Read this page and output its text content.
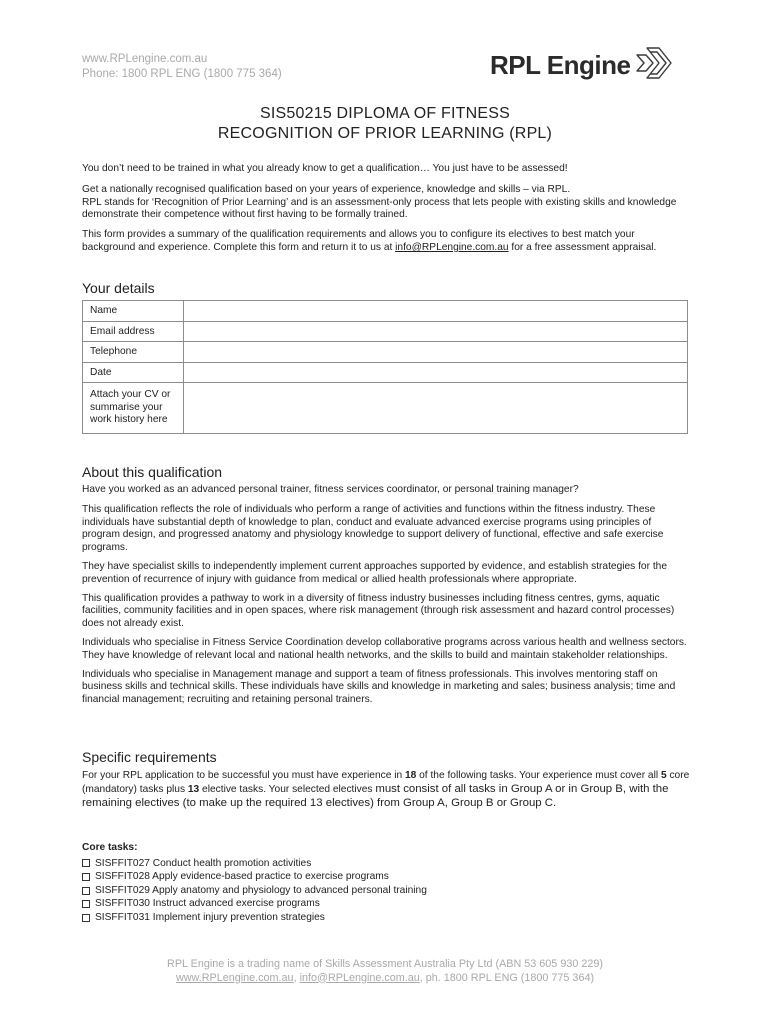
www.RPLengine.com.au
Phone: 1800 RPL ENG (1800 775 364)	RPL Engine
SIS50215 DIPLOMA OF FITNESS
RECOGNITION OF PRIOR LEARNING (RPL)

You don’t need to be trained in what you already know to get a qualification… You just have to be assessed!

Get a nationally recognised qualification based on your years of experience, knowledge and skills – via RPL.
RPL stands for ‘Recognition of Prior Learning’ and is an assessment-only process that lets people with existing skills and knowledge demonstrate their competence without first having to be formally trained.

This form provides a summary of the qualification requirements and allows you to configure its electives to best match your background and experience. Complete this form and return it to us at info@RPLengine.com.au for a free assessment appraisal.

Your details
Name	
Email address	
Telephone	
Date	
Attach your CV or summarise your work history here	
About this qualification

Have you worked as an advanced personal trainer, fitness services coordinator, or personal training manager?

This qualification reflects the role of individuals who perform a range of activities and functions within the fitness industry. These individuals have substantial depth of knowledge to plan, conduct and evaluate advanced exercise programs using principles of program design, and progressed anatomy and physiology knowledge to support delivery of functional, effective and safe exercise programs.

They have specialist skills to independently implement current approaches supported by evidence, and establish strategies for the prevention of recurrence of injury with guidance from medical or allied health professionals where appropriate.

This qualification provides a pathway to work in a diversity of fitness industry businesses including fitness centres, gyms, aquatic facilities, community facilities and in open spaces, where risk management (through risk assessment and hazard control processes) does not already exist.

Individuals who specialise in Fitness Service Coordination develop collaborative programs across various health and wellness sectors. They have knowledge of relevant local and national health networks, and the skills to build and maintain stakeholder relationships.

Individuals who specialise in Management manage and support a team of fitness professionals. This involves mentoring staff on business skills and technical skills. These individuals have skills and knowledge in marketing and sales; business analysis; time and financial management; recruiting and retaining personal trainers.

Specific requirements

For your RPL application to be successful you must have experience in 18 of the following tasks. Your experience must cover all 5 core (mandatory) tasks plus 13 elective tasks. Your selected electives must consist of all tasks in Group A or in Group B, with the remaining electives (to make up the required 13 electives) from Group A, Group B or Group C.

Core tasks:
SISFFIT027 Conduct health promotion activities
SISFFIT028 Apply evidence-based practice to exercise programs
SISFFIT029 Apply anatomy and physiology to advanced personal training
SISFFIT030 Instruct advanced exercise programs
SISFFIT031 Implement injury prevention strategies
RPL Engine is a trading name of Skills Assessment Australia Pty Ltd (ABN 53 605 930 229)
www.RPLengine.com.au, info@RPLengine.com.au, ph. 1800 RPL ENG (1800 775 364)
